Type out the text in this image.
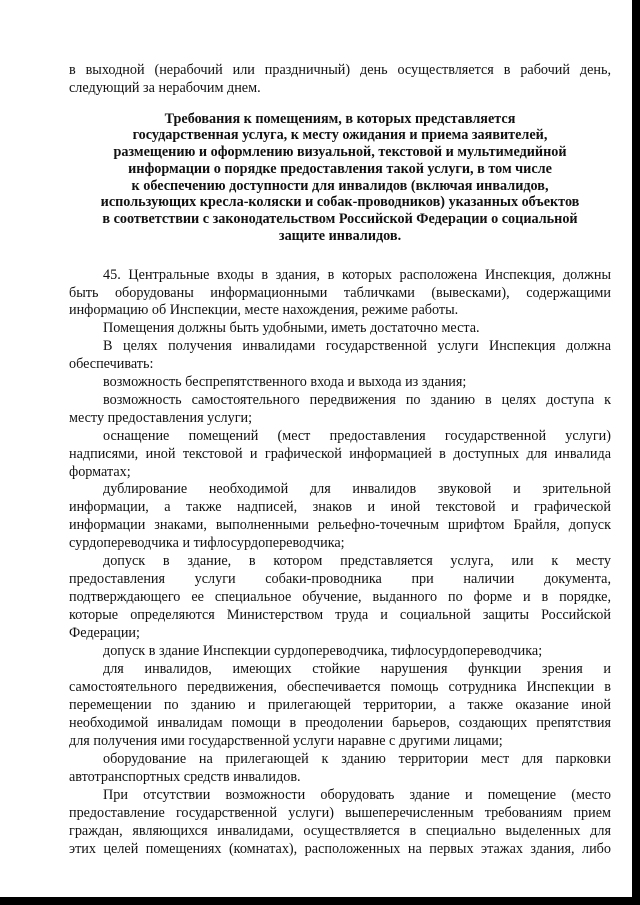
в выходной (нерабочий или праздничный) день осуществляется в рабочий день,
следующий за нерабочим днем.
Требования к помещениям, в которых представляется
государственная услуга, к месту ожидания и приема заявителей,
размещению и оформлению визуальной, текстовой и мультимедийной
информации о порядке предоставления такой услуги, в том числе
к обеспечению доступности для инвалидов (включая инвалидов,
использующих кресла-коляски и собак-проводников) указанных объектов
в соответствии с законодательством Российской Федерации о социальной
защите инвалидов.
45. Центральные входы в здания, в которых расположена Инспекция, должны
быть оборудованы информационными табличками (вывесками), содержащими
информацию об Инспекции, месте нахождения, режиме работы.
Помещения должны быть удобными, иметь достаточно места.
В целях получения инвалидами государственной услуги Инспекция должна
обеспечивать:
возможность беспрепятственного входа и выхода из здания;
возможность самостоятельного передвижения по зданию в целях доступа к
месту предоставления услуги;
оснащение помещений (мест предоставления государственной услуги)
надписями, иной текстовой и графической информацией в доступных для инвалида
форматах;
дублирование необходимой для инвалидов звуковой и зрительной
информации, а также надписей, знаков и иной текстовой и графической
информации знаками, выполненными рельефно-точечным шрифтом Брайля, допуск
сурдопереводчика и тифлосурдопереводчика;
допуск в здание, в котором представляется услуга, или к месту
предоставления услуги собаки-проводника при наличии документа,
подтверждающего ее специальное обучение, выданного по форме и в порядке,
которые определяются Министерством труда и социальной защиты Российской
Федерации;
допуск в здание Инспекции сурдопереводчика, тифлосурдопереводчика;
для инвалидов, имеющих стойкие нарушения функции зрения и
самостоятельного передвижения, обеспечивается помощь сотрудника Инспекции в
перемещении по зданию и прилегающей территории, а также оказание иной
необходимой инвалидам помощи в преодолении барьеров, создающих препятствия
для получения ими государственной услуги наравне с другими лицами;
оборудование на прилегающей к зданию территории мест для парковки
автотранспортных средств инвалидов.
При отсутствии возможности оборудовать здание и помещение (место
предоставление государственной услуги) вышеперечисленным требованиям прием
граждан, являющихся инвалидами, осуществляется в специально выделенных для
этих целей помещениях (комнатах), расположенных на первых этажах здания, либо
